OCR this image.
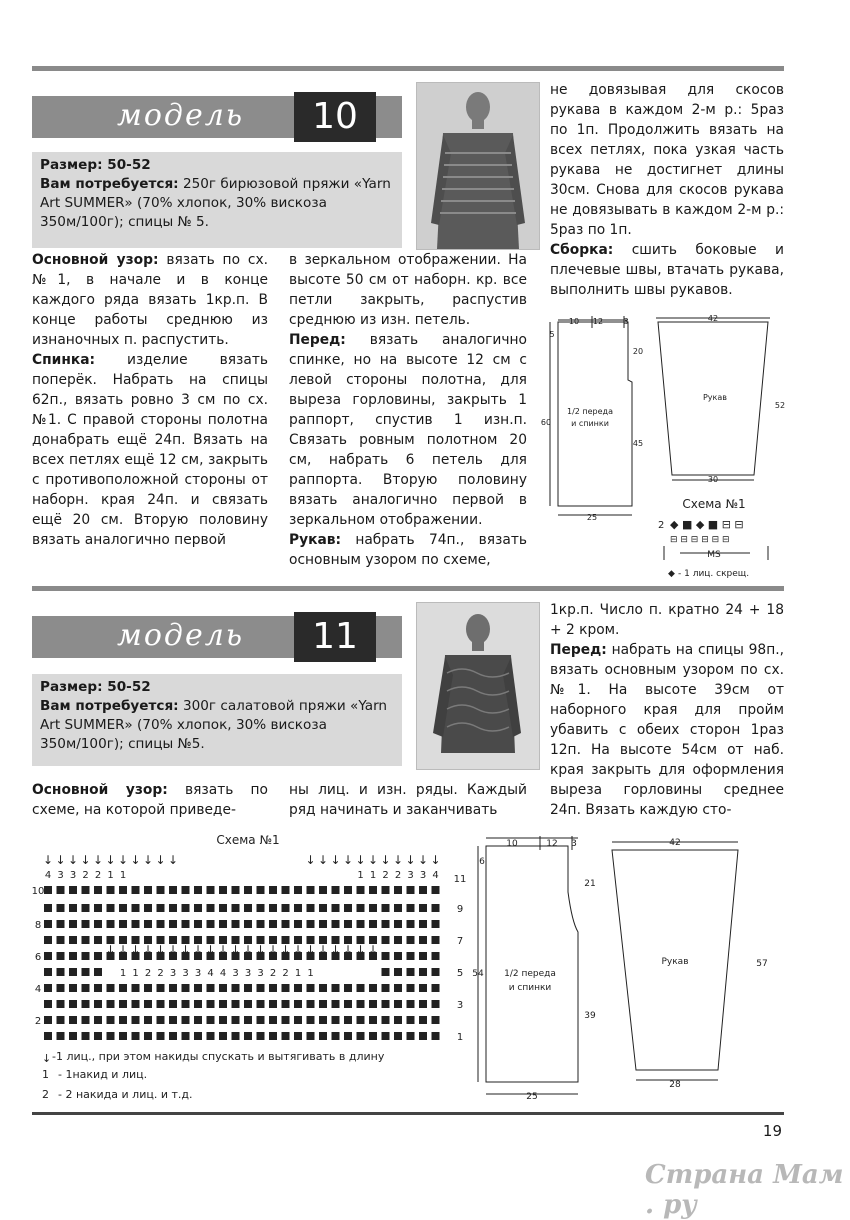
модель	10
Размер: 50-52
Вам потребуется: 250г бирюзовой пряжи «Yarn Art SUMMER» (70% хлопок, 30% вискоза 350м/100г); спицы № 5.

Основной узор: вязать по сх.№1, в начале и в конце каждого ряда вязать 1кр.п. В конце работы среднюю из изнаночных п. распустить.

Спинка: изделие вязать поперёк. Набрать на спицы 62п., вязать ровно 3 см по сх.№1. С правой стороны полотна донабрать ещё 24п. Вязать на всех петлях ещё 12 см, закрыть с противоположной стороны от наборн. края 24п. и связать ещё 20 см. Вторую половину вязать аналогично первой

в зеркальном отображении. На высоте 50 см от наборн. кр. все петли закрыть, распустив среднюю из изн. петель.

Перед: вязать аналогично спинке, но на высоте 12 см с левой стороны полотна, для выреза горловины, закрыть 1 раппорт, спустив 1 изн.п. Связать ровным полотном 20 см, набрать 6 петель для раппорта. Вторую половину вязать аналогично первой в зеркальном отображении.

Рукав: набрать 74п., вязать основным узором по схеме,

не довязывая для скосов рукава в каждом 2-м р.: 5раз по 1п. Продолжить вязать на всех петлях, пока узкая часть рукава не достигнет длины 30см. Снова для скосов рукава не довязывать в каждом 2-м р.: 5раз по 1п.

Сборка: сшить боковые и плечевые швы, втачать рукава, выполнить швы рукавов.

10 12	3
5
20
60
45
1/2 переда
и спинки
25
42
Рукав
52
30
Схема №1
2 ◆ ■ ◆ ■ ⊟ ⊟
⊟ ⊟ ⊟ ⊟ ⊟ ⊟
MS
◆ - 1 лиц. скрещ.
модель	11
Размер: 50-52
Вам потребуется: 300г салатовой пряжи «Yarn Art SUMMER» (70% хлопок, 30% вискоза 350м/100г); спицы №5.

Основной узор: вязать по схеме, на которой приведе-

ны лиц. и изн. ряды. Каждый ряд начинать и заканчивать

1кр.п. Число п. кратно 24 + 18 + 2 кром.

Перед: набрать на спицы 98п., вязать основным узором по сх.№1. На высоте 39см от наборного края для пройм убавить с обеих сторон 1раз 12п. На высоте 54см от наб. края закрыть для оформления выреза горловины среднее 24п. Вязать каждую сто-

Схема №1
↓ ↓ ↓ ↓ ↓ ↓ ↓ ↓ ↓ ↓ ↓	↓ ↓ ↓ ↓ ↓ ↓ ↓ ↓ ↓ ↓ ↓
4 3 3 2 2 1 1	1 1 2 2 3 3 4
↓ ↓ ↓ ↓ ↓ ↓ ↓ ↓ ↓ ↓ ↓ ↓ ↓ ↓ ↓ ↓ ↓ ↓ ↓ ↓ ↓ ↓
1 1 2 2 3 3 3 4 4 3 3 3 2 2 1 1
10
8
6
4
2
11
9
7
5
3
1
↓ -1 лиц., при этом накиды спускать и вытягивать в длину
1 - 1накид и лиц.
2 - 2 накида и лиц. и т.д.
10	12 3
6
21
54
39
1/2 переда
и спинки
25
42
Рукав	57
28
19
Страна Мам . ру
